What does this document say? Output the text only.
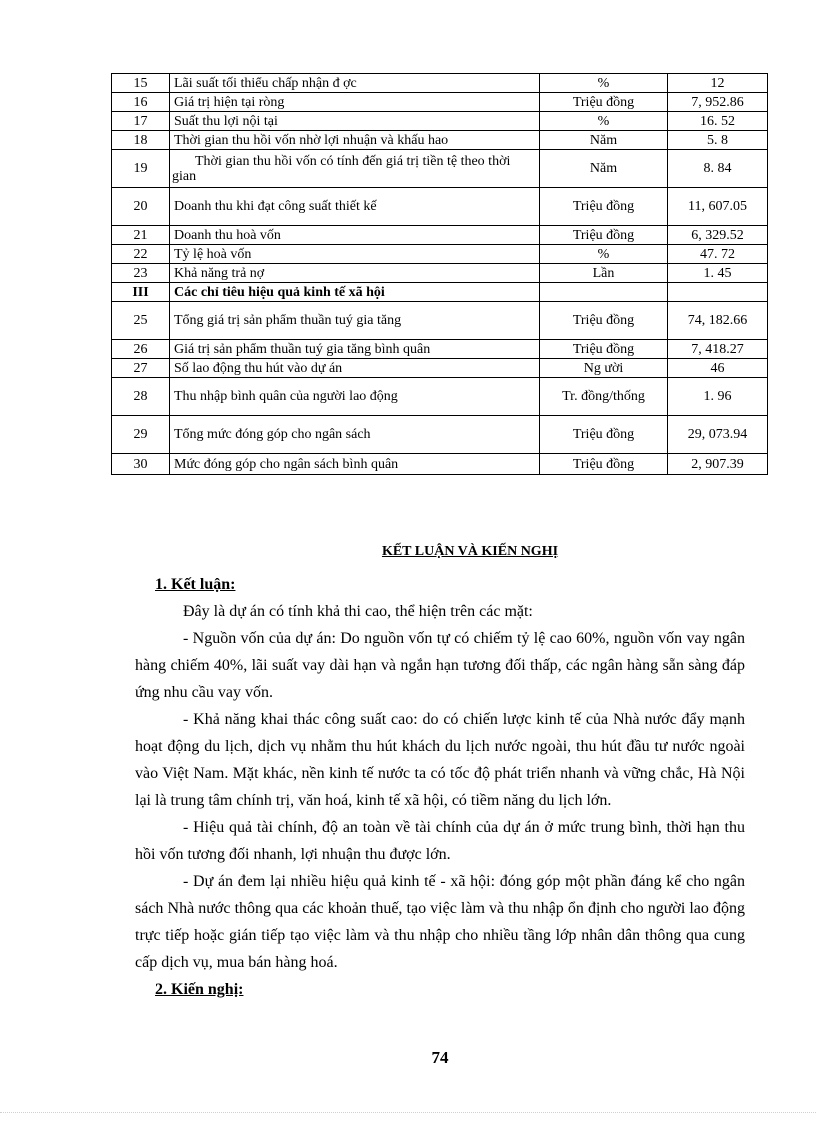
15	Lãi suất tối thiểu chấp nhận đ ợc	%	12
16	Giá trị hiện tại ròng	Triệu đồng	7, 952.86
17	Suất thu lợi nội tại	%	16. 52
18	Thời gian thu hồi vốn nhờ lợi nhuận và khấu hao	Năm	5. 8
19	Thời gian thu hồi vốn có tính đến giá trị tiền tệ theo thời gian	Năm	8. 84
20	Doanh thu khi đạt công suất thiết kế	Triệu đồng	11, 607.05
21	Doanh thu hoà vốn	Triệu đồng	6, 329.52
22	Tỷ lệ hoà vốn	%	47. 72
23	Khả năng trả nợ	Lần	1. 45
III	Các chỉ tiêu hiệu quả kinh tế xã hội		
25	Tổng giá trị sản phẩm thuần tuý gia tăng	Triệu đồng	74, 182.66
26	Giá trị sản phẩm thuần tuý gia tăng bình quân	Triệu đồng	7, 418.27
27	Số lao động thu hút vào dự án	Ng ười	46
28	Thu nhập bình quân của người lao động	Tr. đồng/thống	1. 96
29	Tổng mức đóng góp cho ngân sách	Triệu đồng	29, 073.94
30	Mức đóng góp cho ngân sách bình quân	Triệu đồng	2, 907.39

KẾT LUẬN VÀ KIẾN NGHỊ

1. Kết luận:

Đây là dự án có tính khả thi cao, thể hiện trên các mặt:

- Nguồn vốn của dự án: Do nguồn vốn tự có chiếm tỷ lệ cao 60%, nguồn vốn vay ngân hàng chiếm 40%, lãi suất vay dài hạn và ngắn hạn tương đối thấp, các ngân hàng sẵn sàng đáp ứng nhu cầu vay vốn.

- Khả năng khai thác công suất cao: do có chiến lược kinh tế của Nhà nước đẩy mạnh hoạt động du lịch, dịch vụ nhằm thu hút khách du lịch nước ngoài, thu hút đầu tư nước ngoài vào Việt Nam. Mặt khác, nền kinh tế nước ta có tốc độ phát triển nhanh và vững chắc, Hà Nội lại là trung tâm chính trị, văn hoá, kinh tế xã hội, có tiềm năng du lịch lớn.

- Hiệu quả tài chính, độ an toàn về tài chính của dự án ở mức trung bình, thời hạn thu hồi vốn tương đối nhanh, lợi nhuận thu được lớn.

- Dự án đem lại nhiều hiệu quả kinh tế - xã hội: đóng góp một phần đáng kể cho ngân sách Nhà nước thông qua các khoản thuế, tạo việc làm và thu nhập ổn định cho người lao động trực tiếp hoặc gián tiếp tạo việc làm và thu nhập cho nhiều tầng lớp nhân dân thông qua cung cấp dịch vụ, mua bán hàng hoá.

2. Kiến nghị:

74
